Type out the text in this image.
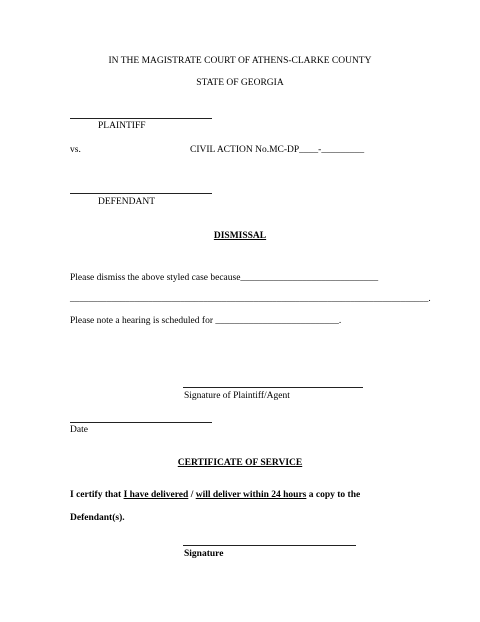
IN THE MAGISTRATE COURT OF ATHENS-CLARKE COUNTY
STATE OF GEORGIA
PLAINTIFF
vs.	CIVIL ACTION No.MC-DP____-_________
DEFENDANT
DISMISSAL
Please dismiss the above styled case because_____________________________
______________________________________________________________________________.
Please note a hearing is scheduled for __________________________.
Signature of Plaintiff/Agent
Date
CERTIFICATE OF SERVICE
I certify that I have delivered / will deliver within 24 hours a copy to the
Defendant(s).
Signature
